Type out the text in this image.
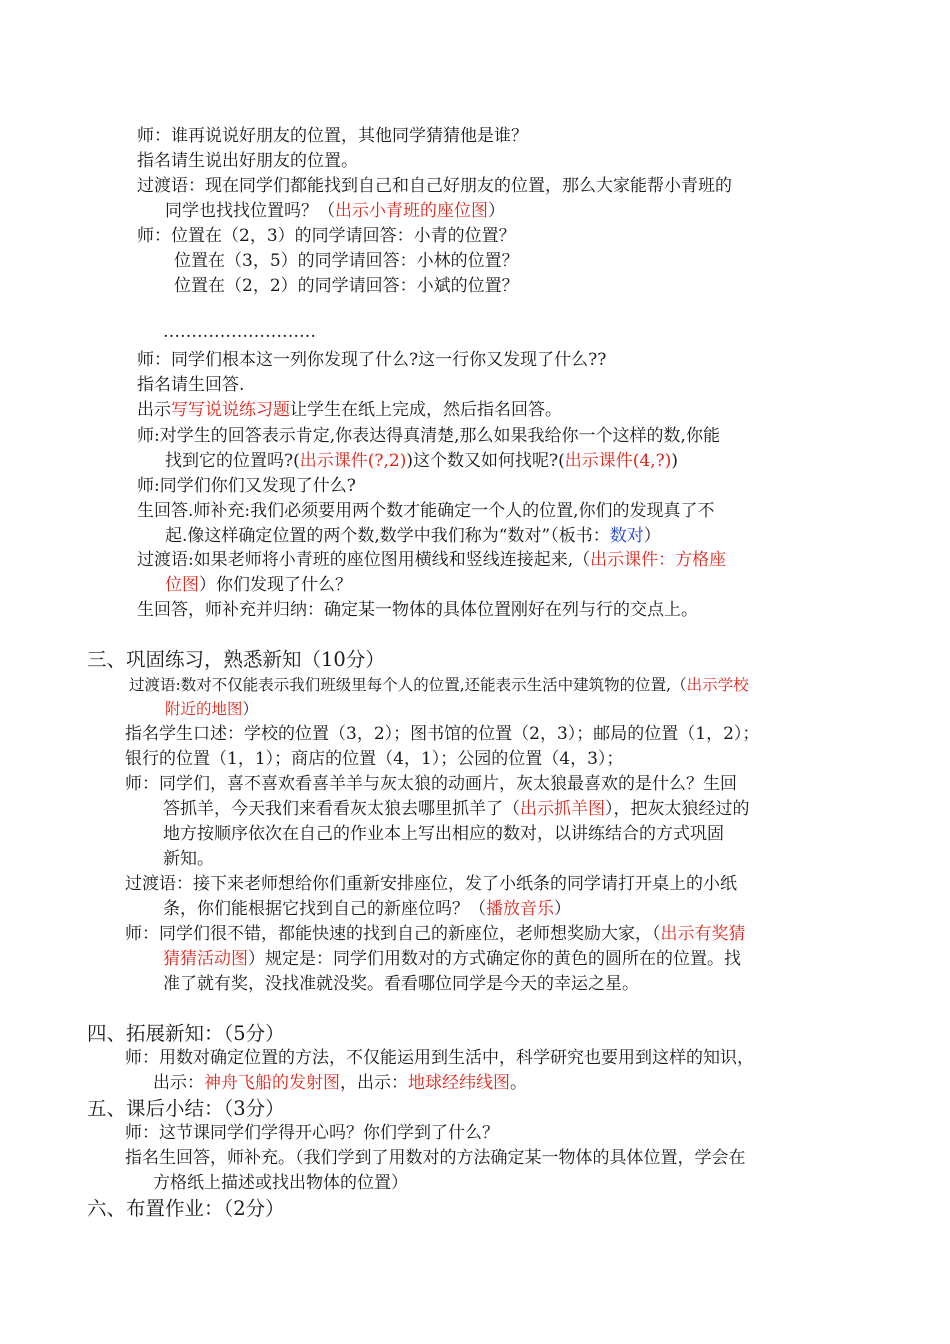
师：谁再说说好朋友的位置，其他同学猜猜他是谁？
指名请生说出好朋友的位置。
过渡语：现在同学们都能找到自己和自己好朋友的位置，那么大家能帮小青班的
同学也找找位置吗？（出示小青班的座位图）
师：位置在（2，3）的同学请回答：小青的位置？
位置在（3，5）的同学请回答：小林的位置？
位置在（2，2）的同学请回答：小斌的位置？
………………………
师：同学们根本这一列你发现了什么?这一行你又发现了什么??
指名请生回答.
出示写写说说练习题让学生在纸上完成，然后指名回答。
师:对学生的回答表示肯定,你表达得真清楚,那么如果我给你一个这样的数,你能
找到它的位置吗?(出示课件(?,2))这个数又如何找呢?(出示课件(4,?))
师:同学们你们又发现了什么?
生回答.师补充:我们必须要用两个数才能确定一个人的位置,你们的发现真了不
起.像这样确定位置的两个数,数学中我们称为“数对”（板书：数对）
过渡语:如果老师将小青班的座位图用横线和竖线连接起来,（出示课件：方格座
位图）你们发现了什么？
生回答，师补充并归纳：确定某一物体的具体位置刚好在列与行的交点上。
三、巩固练习，熟悉新知（10分）
过渡语:数对不仅能表示我们班级里每个人的位置,还能表示生活中建筑物的位置,（出示学校
附近的地图）
指名学生口述：学校的位置（3，2）；图书馆的位置（2，3）；邮局的位置（1，2）；
银行的位置（1，1）；商店的位置（4，1）；公园的位置（4，3）；
师：同学们，喜不喜欢看喜羊羊与灰太狼的动画片，灰太狼最喜欢的是什么？生回
答抓羊，今天我们来看看灰太狼去哪里抓羊了（出示抓羊图），把灰太狼经过的
地方按顺序依次在自己的作业本上写出相应的数对，以讲练结合的方式巩固
新知。
过渡语：接下来老师想给你们重新安排座位，发了小纸条的同学请打开桌上的小纸
条，你们能根据它找到自己的新座位吗？（播放音乐）
师：同学们很不错，都能快速的找到自己的新座位，老师想奖励大家，（出示有奖猜
猜猜活动图）规定是：同学们用数对的方式确定你的黄色的圆所在的位置。找
准了就有奖，没找准就没奖。看看哪位同学是今天的幸运之星。
四、拓展新知：（5分）
师：用数对确定位置的方法，不仅能运用到生活中，科学研究也要用到这样的知识，
出示：神舟飞船的发射图，出示：地球经纬线图。
五、课后小结：（3分）
师：这节课同学们学得开心吗？你们学到了什么？
指名生回答，师补充。（我们学到了用数对的方法确定某一物体的具体位置，学会在
方格纸上描述或找出物体的位置）
六、布置作业：（2分）
